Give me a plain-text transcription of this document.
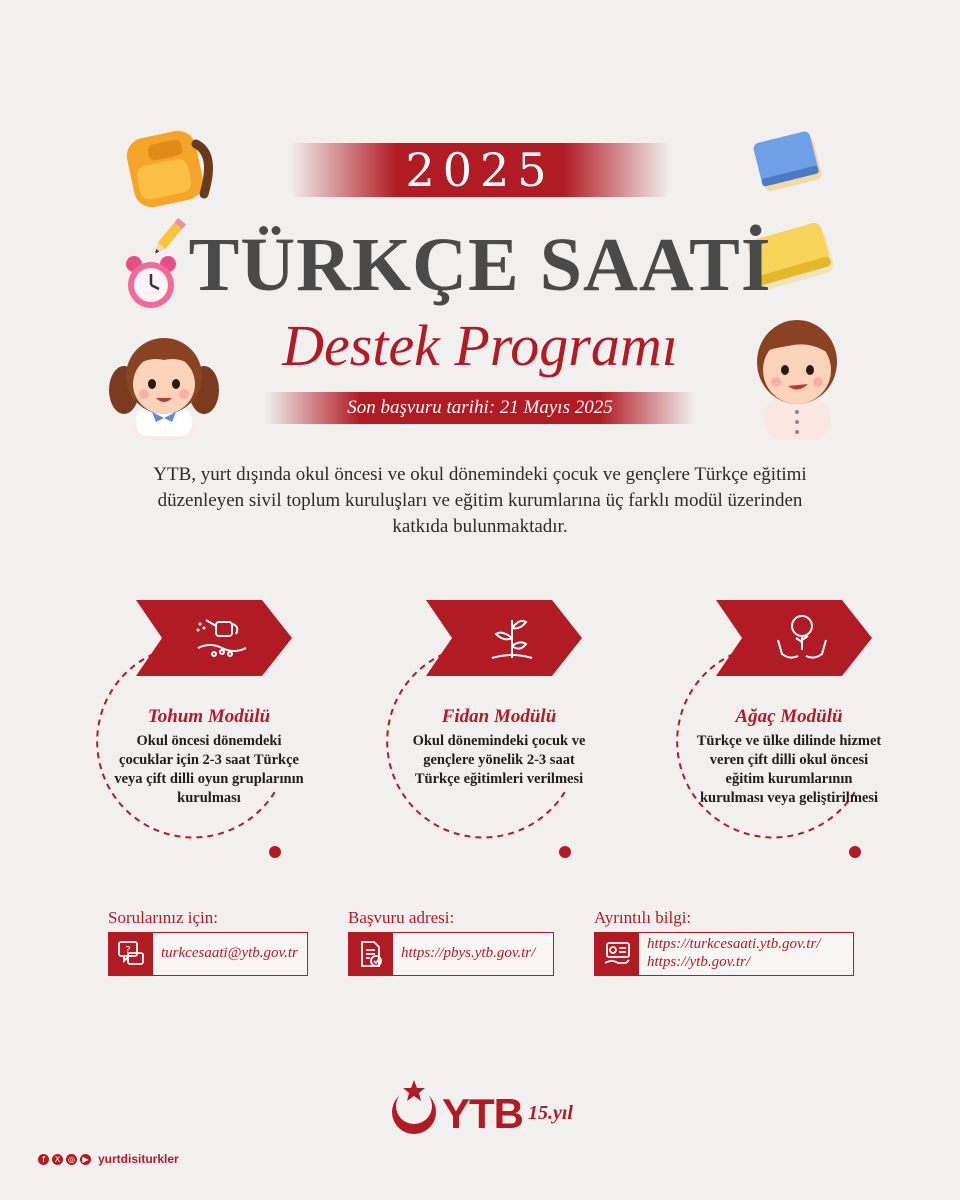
2025
TÜRKÇE SAATİ
Destek Programı
Son başvuru tarihi: 21 Mayıs 2025
YTB, yurt dışında okul öncesi ve okul dönemindeki çocuk ve gençlere Türkçe eğitimi düzenleyen sivil toplum kuruluşları ve eğitim kurumlarına üç farklı modül üzerinden katkıda bulunmaktadır.
Tohum Modülü
Okul öncesi dönemdeki çocuklar için 2-3 saat Türkçe veya çift dilli oyun gruplarının kurulması
Fidan Modülü
Okul dönemindeki çocuk ve gençlere yönelik 2-3 saat Türkçe eğitimleri verilmesi
Ağaç Modülü
Türkçe ve ülke dilinde hizmet veren çift dilli okul öncesi eğitim kurumlarının kurulması veya geliştirilmesi
Sorularınız için:
? turkcesaati@ytb.gov.tr
Başvuru adresi:
https://pbys.ytb.gov.tr/
Ayrıntılı bilgi:
https://turkcesaati.ytb.gov.tr/
https://ytb.gov.tr/
YTB 15.yıl
f	X ◎ ▶ yurtdisiturkler
